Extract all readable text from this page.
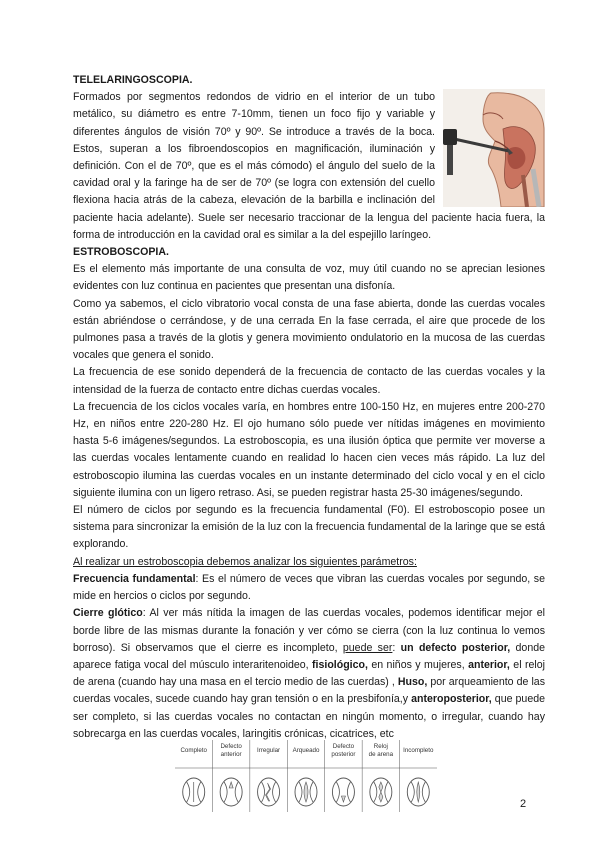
TELELARINGOSCOPIA.

Formados por segmentos redondos de vidrio en el interior de un tubo metálico, su diámetro es entre 7-10mm, tienen un foco fijo y variable y diferentes ángulos de visión 70º y 90º. Se introduce a través de la boca. Estos, superan a los fibroendoscopios en magnificación, iluminación y definición. Con el de 70º, que es el más cómodo) el ángulo del suelo de la cavidad oral y la faringe ha de ser de 70º (se logra con extensión del cuello flexiona hacia atrás de la cabeza, elevación de la barbilla e inclinación del paciente hacia adelante). Suele ser necesario traccionar de la lengua del paciente hacia fuera, la forma de introducción en la cavidad oral es similar a la del espejillo laríngeo.

ESTROBOSCOPIA.

Es el elemento más importante de una consulta de voz, muy útil cuando no se aprecian lesiones evidentes con luz continua en pacientes que presentan una disfonía.

Como ya sabemos, el ciclo vibratorio vocal consta de una fase abierta, donde las cuerdas vocales están abriéndose o cerrándose, y de una cerrada En la fase cerrada, el aire que procede de los pulmones pasa a través de la glotis y genera movimiento ondulatorio en la mucosa de las cuerdas vocales que genera el sonido.

La frecuencia de ese sonido dependerá de la frecuencia de contacto de las cuerdas vocales y la intensidad de la fuerza de contacto entre dichas cuerdas vocales.

La frecuencia de los ciclos vocales varía, en hombres entre 100-150 Hz, en mujeres entre 200-270 Hz, en niños entre 220-280 Hz. El ojo humano sólo puede ver nítidas imágenes en movimiento hasta 5-6 imágenes/segundos. La estroboscopia, es una ilusión óptica que permite ver moverse a las cuerdas vocales lentamente cuando en realidad lo hacen cien veces más rápido. La luz del estroboscopio ilumina las cuerdas vocales en un instante determinado del ciclo vocal y en el ciclo siguiente ilumina con un ligero retraso. Asi, se pueden registrar hasta 25-30 imágenes/segundo.

El número de ciclos por segundo es la frecuencia fundamental (F0). El estroboscopio posee un sistema para sincronizar la emisión de la luz con la frecuencia fundamental de la laringe que se está explorando.

Al realizar un estroboscopia debemos analizar los siguientes parámetros:

Frecuencia fundamental: Es el número de veces que vibran las cuerdas vocales por segundo, se mide en hercios o ciclos por segundo.

Cierre glótico: Al ver más nítida la imagen de las cuerdas vocales, podemos identificar mejor el borde libre de las mismas durante la fonación y ver cómo se cierra (con la luz continua lo vemos borroso). Si observamos que el cierre es incompleto, puede ser: un defecto posterior, donde aparece fatiga vocal del músculo interaritenoideo, fisiológico, en niños y mujeres, anterior, el reloj de arena (cuando hay una masa en el tercio medio de las cuerdas) , Huso, por arqueamiento de las cuerdas vocales, sucede cuando hay gran tensión o en la presbifonía,y anteroposterior, que puede ser completo, si las cuerdas vocales no contactan en ningún momento, o irregular, cuando hay sobrecarga en las cuerdas vocales, laringitis crónicas, cicatrices, etc

Completo
Defecto
anterior
Irregular Arqueado
Defecto
posterior
Reloj
de arena
Incompleto
2
